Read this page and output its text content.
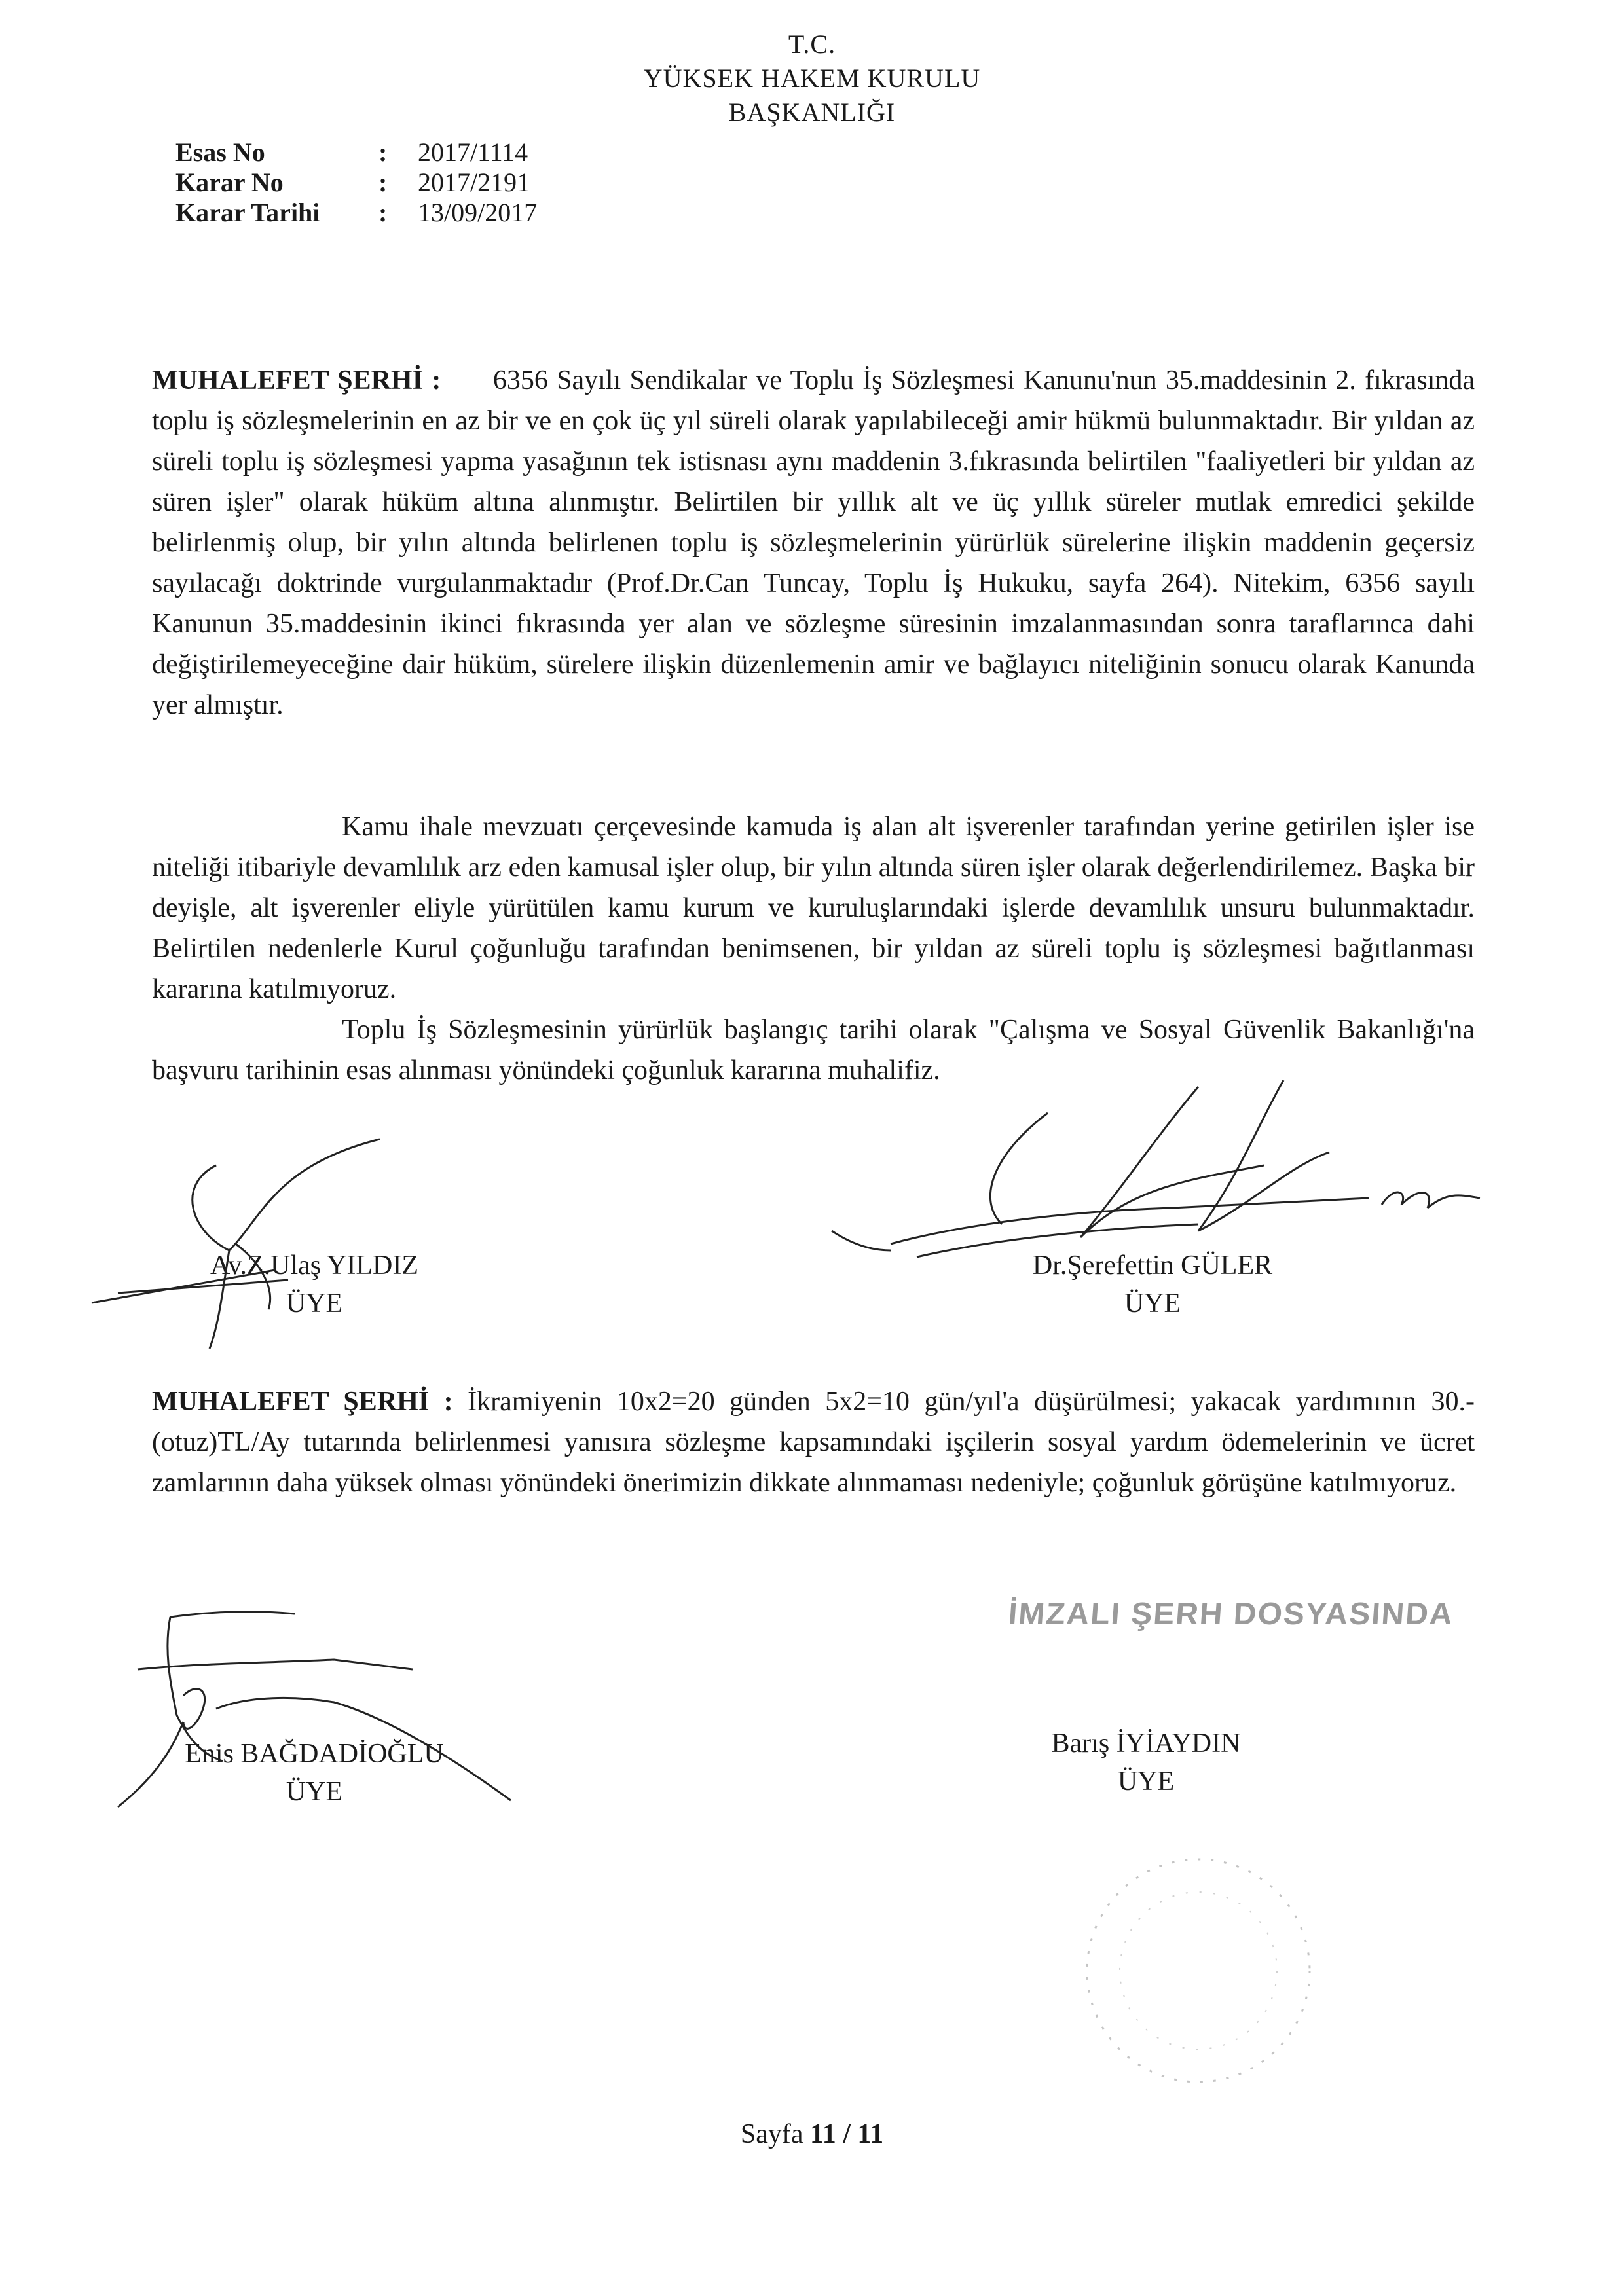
T.C.
YÜKSEK HAKEM KURULU
BAŞKANLIĞI
Esas No	:	2017/1114
Karar No	:	2017/2191
Karar Tarihi	:	13/09/2017

MUHALEFET ŞERHİ : 6356 Sayılı Sendikalar ve Toplu İş Sözleşmesi Kanunu'nun 35.maddesinin 2. fıkrasında toplu iş sözleşmelerinin en az bir ve en çok üç yıl süreli olarak yapılabileceği amir hükmü bulunmaktadır. Bir yıldan az süreli toplu iş sözleşmesi yapma yasağının tek istisnası aynı maddenin 3.fıkrasında belirtilen "faaliyetleri bir yıldan az süren işler" olarak hüküm altına alınmıştır. Belirtilen bir yıllık alt ve üç yıllık süreler mutlak emredici şekilde belirlenmiş olup, bir yılın altında belirlenen toplu iş sözleşmelerinin yürürlük sürelerine ilişkin maddenin geçersiz sayılacağı doktrinde vurgulanmaktadır (Prof.Dr.Can Tuncay, Toplu İş Hukuku, sayfa 264). Nitekim, 6356 sayılı Kanunun 35.maddesinin ikinci fıkrasında yer alan ve sözleşme süresinin imzalanmasından sonra taraflarınca dahi değiştirilemeyeceğine dair hüküm, sürelere ilişkin düzenlemenin amir ve bağlayıcı niteliğinin sonucu olarak Kanunda yer almıştır.

Kamu ihale mevzuatı çerçevesinde kamuda iş alan alt işverenler tarafından yerine getirilen işler ise niteliği itibariyle devamlılık arz eden kamusal işler olup, bir yılın altında süren işler olarak değerlendirilemez. Başka bir deyişle, alt işverenler eliyle yürütülen kamu kurum ve kuruluşlarındaki işlerde devamlılık unsuru bulunmaktadır. Belirtilen nedenlerle Kurul çoğunluğu tarafından benimsenen, bir yıldan az süreli toplu iş sözleşmesi bağıtlanması kararına katılmıyoruz.

Toplu İş Sözleşmesinin yürürlük başlangıç tarihi olarak "Çalışma ve Sosyal Güvenlik Bakanlığı'na başvuru tarihinin esas alınması yönündeki çoğunluk kararına muhalifiz.

Av.Z.Ulaş YILDIZ
ÜYE
Dr.Şerefettin GÜLER
ÜYE

MUHALEFET ŞERHİ : İkramiyenin 10x2=20 günden 5x2=10 gün/yıl'a düşürülmesi; yakacak yardımının 30.-(otuz)TL/Ay tutarında belirlenmesi yanısıra sözleşme kapsamındaki işçilerin sosyal yardım ödemelerinin ve ücret zamlarının daha yüksek olması yönündeki önerimizin dikkate alınmaması nedeniyle; çoğunluk görüşüne katılmıyoruz.

İMZALI ŞERH DOSYASINDA
Enis BAĞDADİOĞLU
ÜYE
Barış İYİAYDIN
ÜYE
Sayfa 11 / 11
